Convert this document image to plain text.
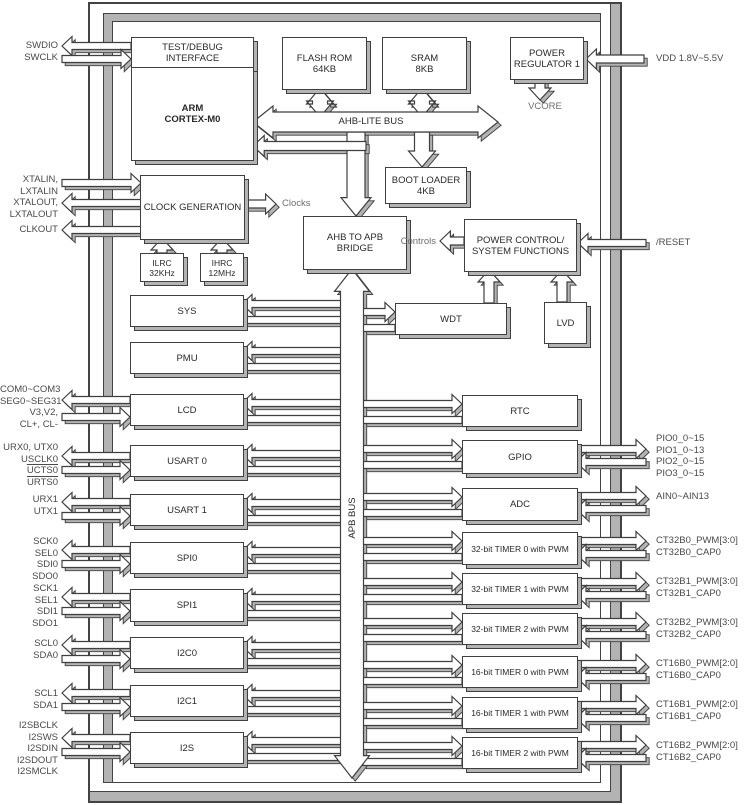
AHB-LITE BUS
APB BUS
Clocks
Controls
VCORE
TEST/DEBUG
INTERFACE
ARM
CORTEX-M0
FLASH ROM
64KB
SRAM
8KB
POWER
REGULATOR 1
BOOT LOADER
4KB
CLOCK GENERATION
ILRC
32KHz
IHRC
12MHz
AHB TO APB
BRIDGE
POWER CONTROL/
SYSTEM FUNCTIONS
WDT	LVD
SYS
PMU
LCD
USART 0
USART 1
SPI0
SPI1
I2C0
I2C1
I2S
RTC
GPIO
ADC
32-bit TIMER 0 with PWM
32-bit TIMER 1 with PWM
32-bit TIMER 2 with PWM
16-bit TIMER 0 with PWM
16-bit TIMER 1 with PWM
16-bit TIMER 2 with PWM
SWDIO
SWCLK
XTALIN,
LXTALIN
XTALOUT,
LXTALOUT
CLKOUT
COM0~COM3
SEG0~SEG31
V3,V2,
CL+, CL-
URX0, UTX0
USCLK0
UCTS0
URTS0
URX1
UTX1
SCK0
SEL0
SDI0
SDO0
SCK1
SEL1
SDI1
SDO1
SCL0
SDA0
SCL1
SDA1
I2SBCLK
I2SWS
I2SDIN
I2SDOUT
I2SMCLK
VDD 1.8V~5.5V
/RESET
PIO0_0~15
PIO1_0~13
PIO2_0~15
PIO3_0~15
AIN0~AIN13
CT32B0_PWM[3:0]
CT32B0_CAP0
CT32B1_PWM[3:0]
CT32B1_CAP0
CT32B2_PWM[3:0]
CT32B2_CAP0
CT16B0_PWM[2:0]
CT16B0_CAP0
CT16B1_PWM[2:0]
CT16B1_CAP0
CT16B2_PWM[2:0]
CT16B2_CAP0
